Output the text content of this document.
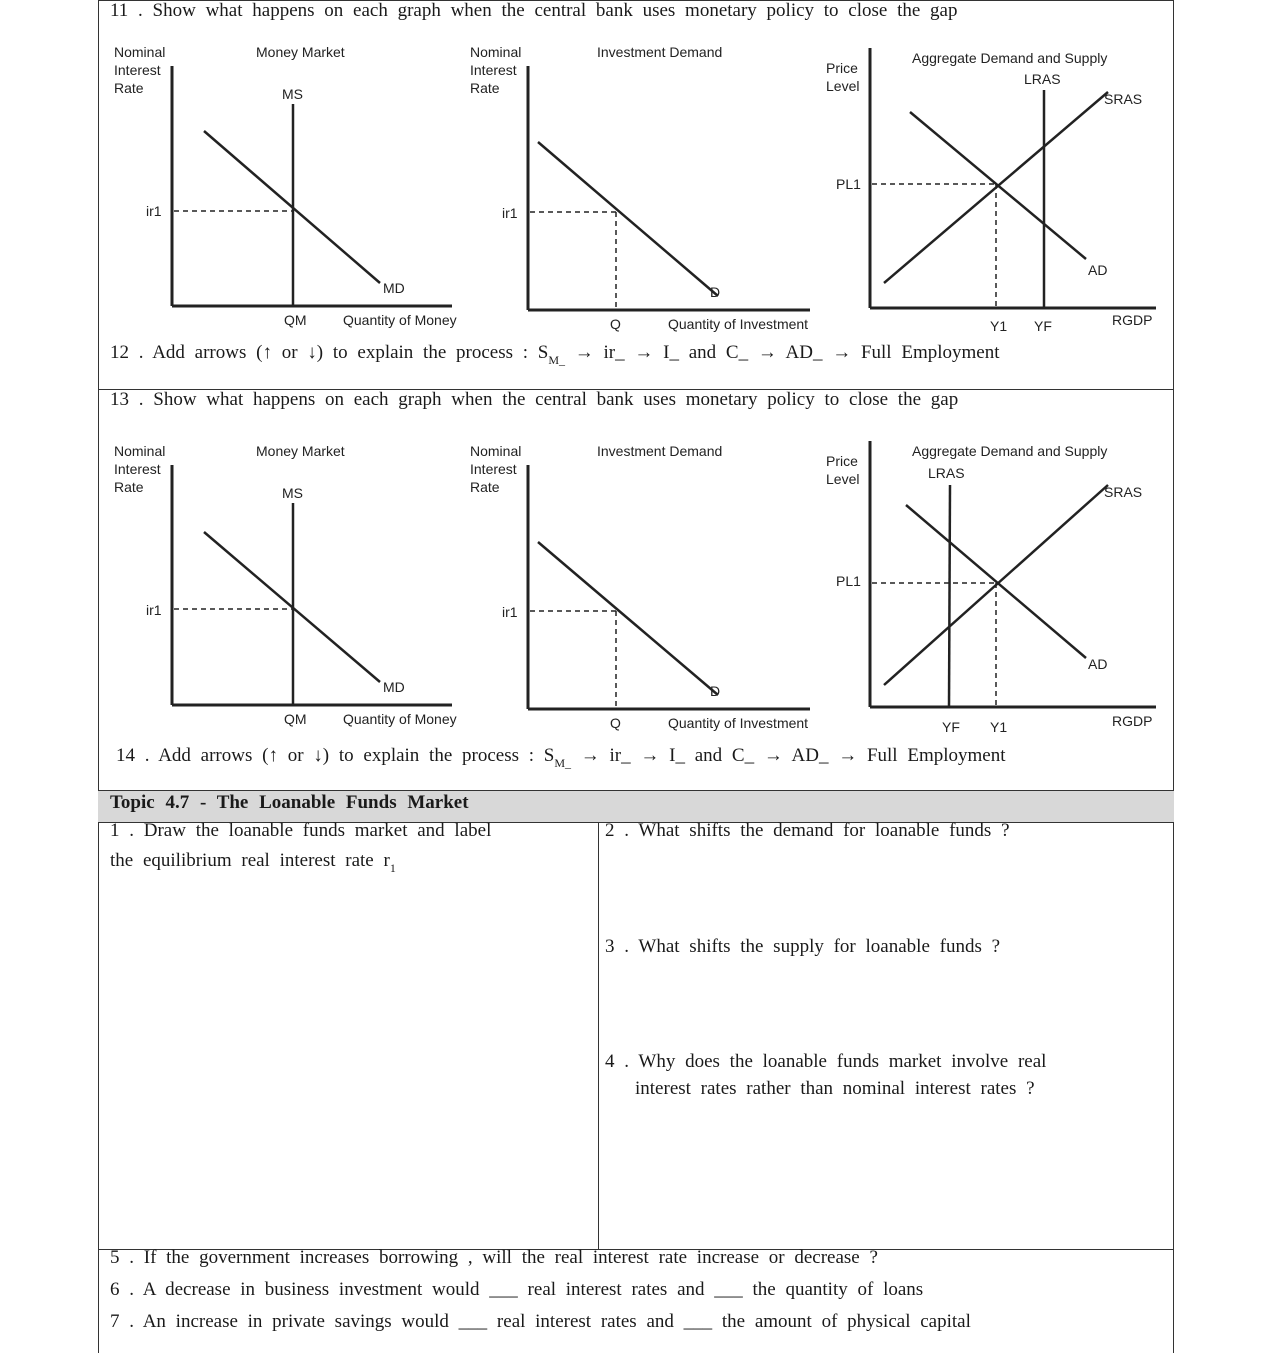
11 . Show what happens on each graph when the central bank uses monetary policy to close the gap
12 . Add arrows (↑ or ↓) to explain the process : $S_{M\_}$ → ir_ → I_ and C_ → AD_ → Full Employment
13 . Show what happens on each graph when the central bank uses monetary policy to close the gap
14 . Add arrows (↑ or ↓) to explain the process : $S_{M\_}$ → ir_ → I_ and C_ → AD_ → Full Employment
Nominal
Interest
Rate
Money Market
MS
MD
ir1
QM	Quantity of Money
Nominal
Interest
Rate
Investment Demand
D
ir1
Q	Quantity of Investment
Price
Level
Aggregate Demand and Supply
LRAS
SRAS
AD
PL1
Y1 YF	RGDP
Nominal
Interest
Rate
Money Market
MS
MD
ir1
QM	Quantity of Money
Nominal
Interest
Rate
Investment Demand
D
ir1
Q	Quantity of Investment
Price
Level
Aggregate Demand and Supply
LRAS
SRAS
AD
PL1
YF Y1	RGDP
Topic 4.7 - The Loanable Funds Market
1 . Draw the loanable funds market and label
the equilibrium real interest rate $r_1$
2 . What shifts the demand for loanable funds ?
3 . What shifts the supply for loanable funds ?
4 . Why does the loanable funds market involve real
interest rates rather than nominal interest rates ?
5 . If the government increases borrowing , will the real interest rate increase or decrease ?
6 . A decrease in business investment would ___ real interest rates and ___ the quantity of loans
7 . An increase in private savings would ___ real interest rates and ___ the amount of physical capital
